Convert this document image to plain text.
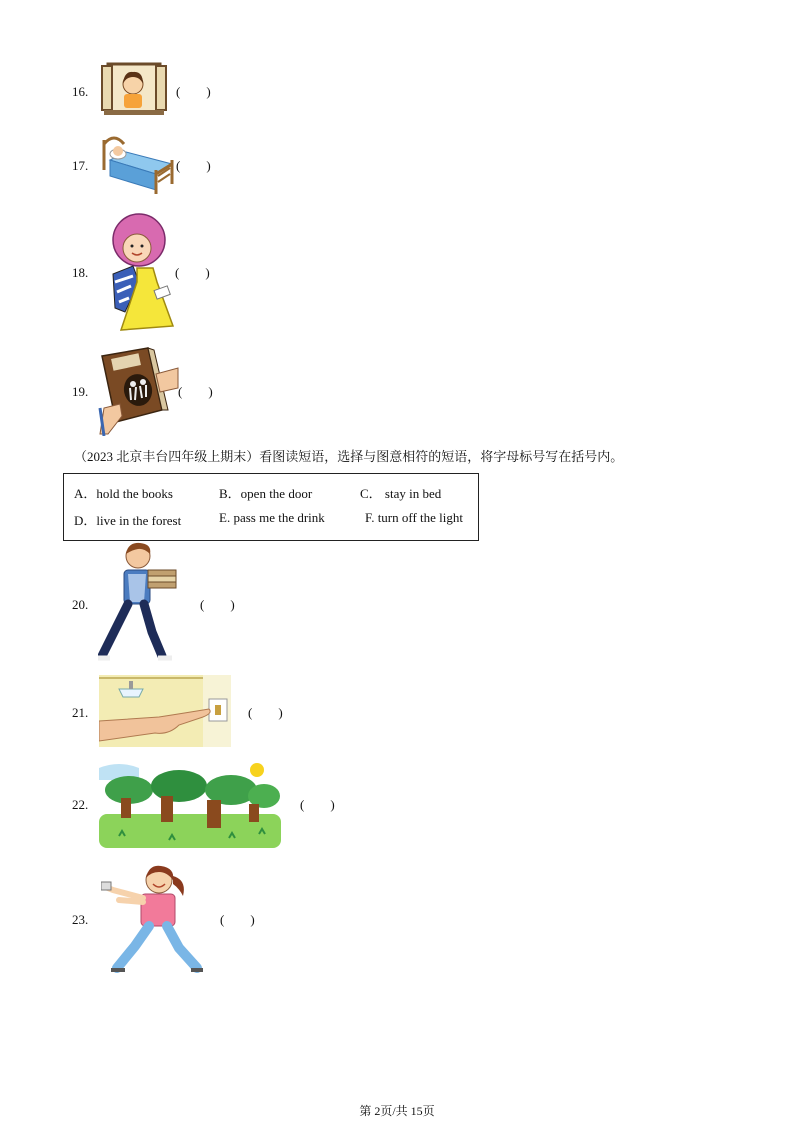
16.	(        )
17.	(        )
18.	(        )
19.	(        )
（2023 北京丰台四年级上期末）看图读短语，选择与图意相符的短语，将字母标号写在括号内。
A．hold the books	B．open the door	C． stay in bed
D．live in the forest	E. pass me the drink	F. turn off the light
20.	(        )
21.	(        )
22.	(        )
23.	(        )
第 2页/共 15页
